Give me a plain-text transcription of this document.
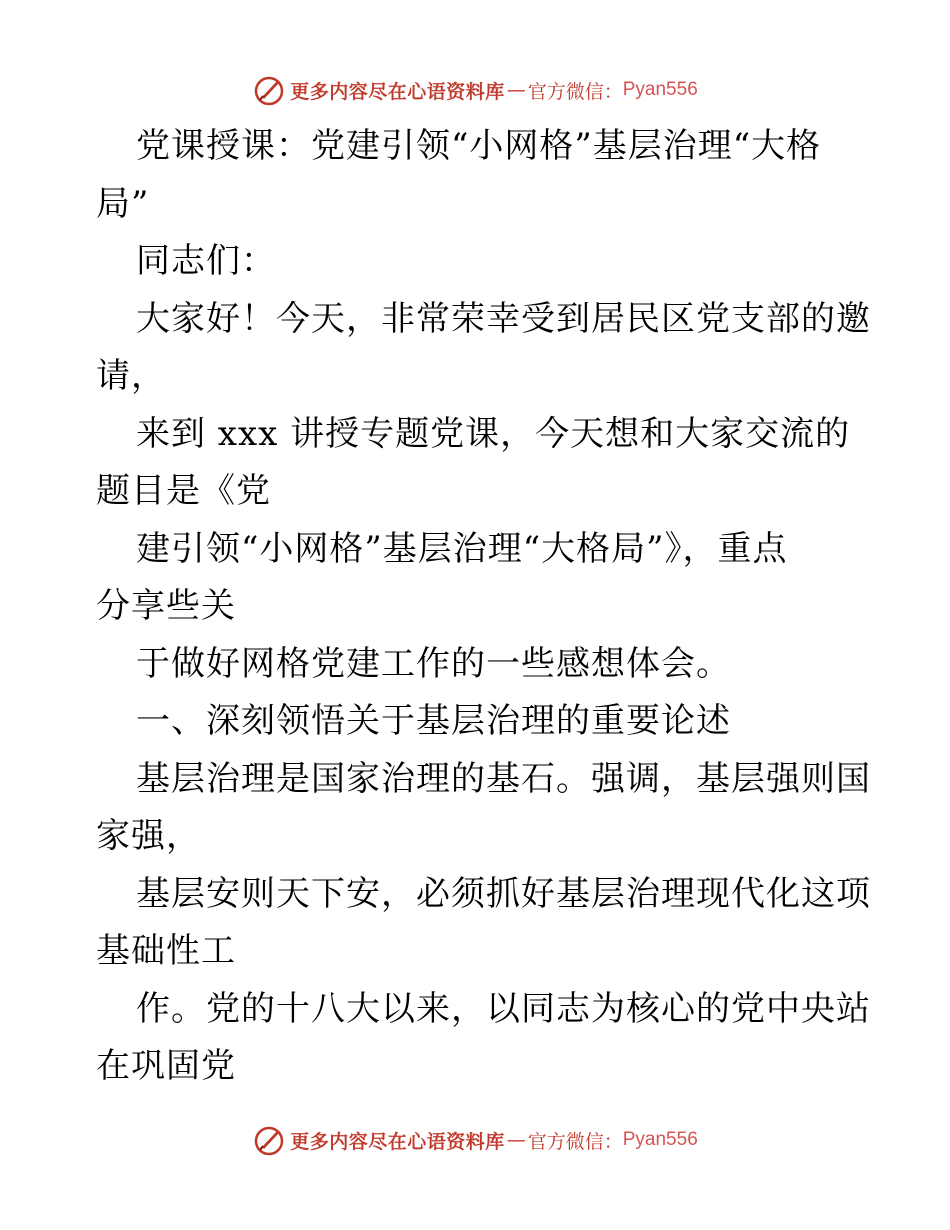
更多内容尽在心语资料库 — 官方微信： Pyan556
党课授课：党建引领“小网格”基层治理“大格
局”
同志们：
大家好！今天，非常荣幸受到居民区党支部的邀
请，
来到 xxx 讲授专题党课，今天想和大家交流的
题目是《党
建引领“小网格”基层治理“大格局”》，重点
分享些关
于做好网格党建工作的一些感想体会。
一、深刻领悟关于基层治理的重要论述
基层治理是国家治理的基石。强调，基层强则国
家强，
基层安则天下安，必须抓好基层治理现代化这项
基础性工
作。党的十八大以来，以同志为核心的党中央站
在巩固党
更多内容尽在心语资料库 — 官方微信： Pyan556
